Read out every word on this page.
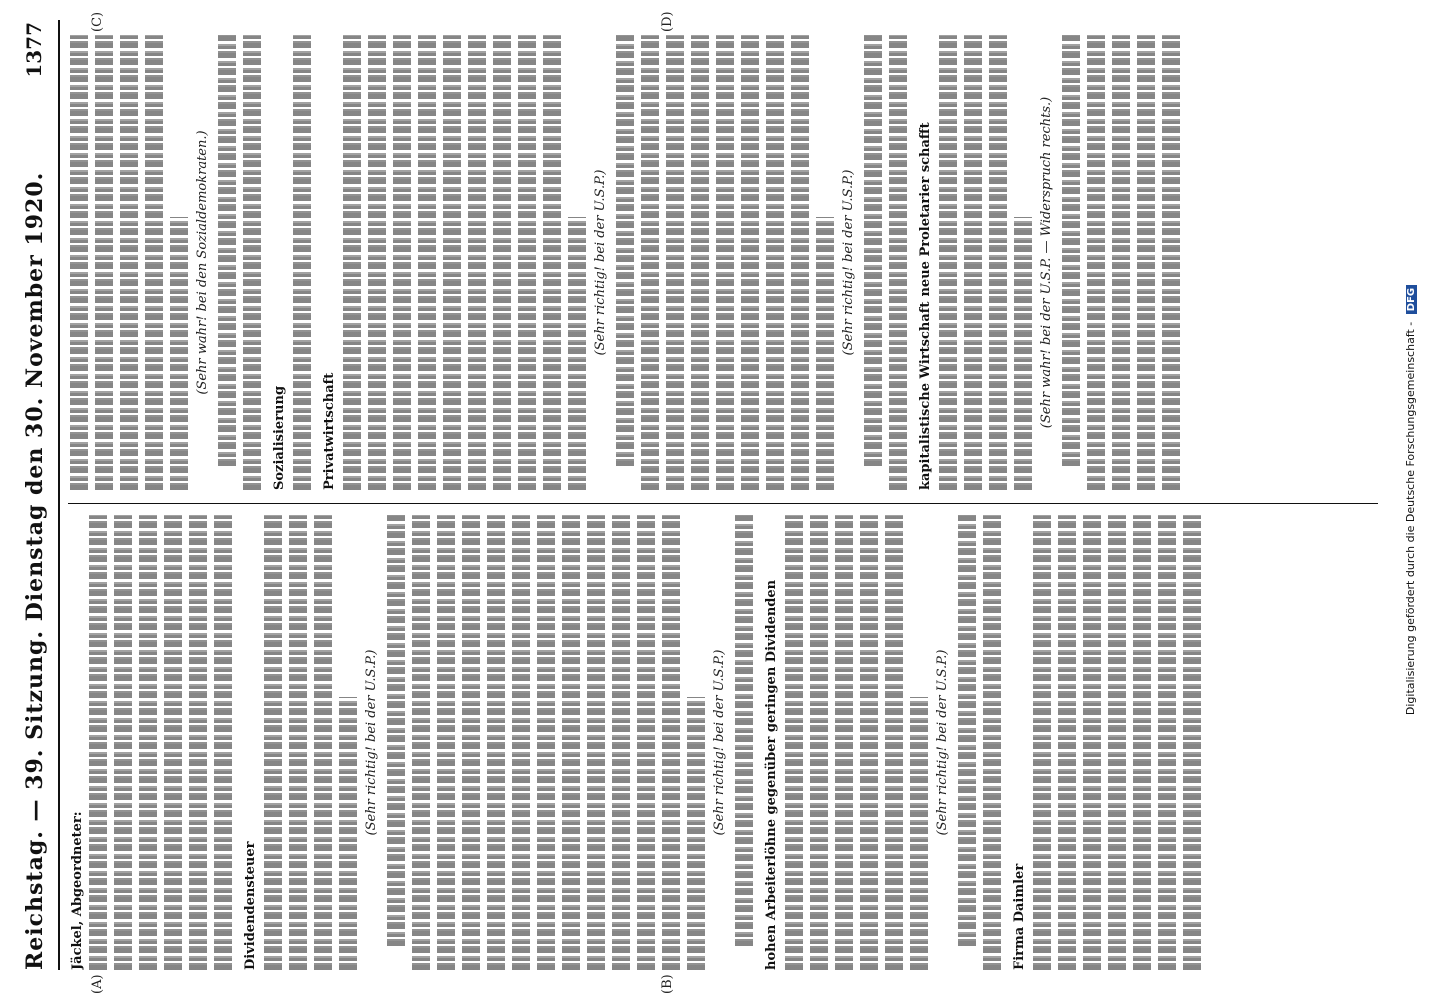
Reichstag. — 39. Sitzung. Dienstag den 30. November 1920.
1377
(A)	(B)
(C)	(D)
Jäckel, Abgeordneter:	Dividendensteuer
(Sehr richtig! bei der U.S.P.)	(Sehr richtig! bei der U.S.P.)	hohen Arbeiterlöhne gegenüber geringen Dividenden	(Sehr richtig! bei der U.S.P.)
Firma Daimler
(Sehr wahr! bei den Sozialdemokraten.)
Sozialisierung	Privatwirtschaft
(Sehr richtig! bei der U.S.P.)	(Sehr richtig! bei der U.S.P.)
kapitalistische Wirtschaft neue Proletarier schafft	(Sehr wahr! bei der U.S.P. — Widerspruch rechts.)
Digitalisierung gefördert durch die Deutsche Forschungsgemeinschaft - DFG
